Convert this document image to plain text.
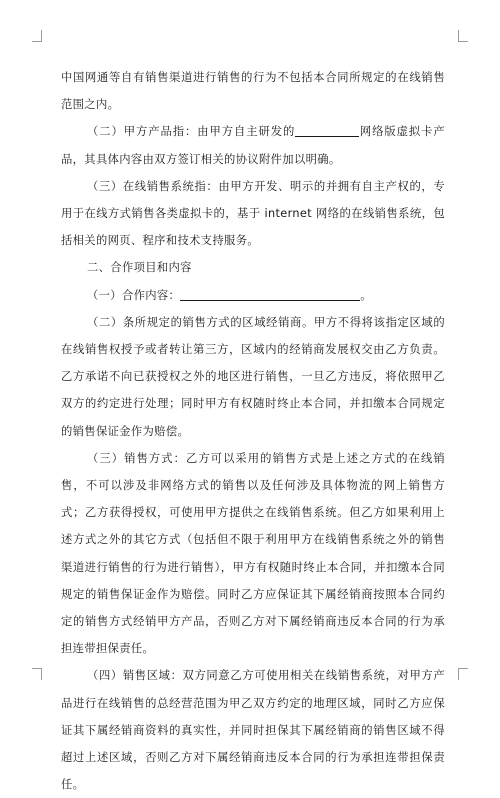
中国网通等自有销售渠道进行销售的行为不包括本合同所规定的在线销售范围之内。

（二）甲方产品指：由甲方自主研发的	网络版虚拟卡产品，其具体内容由双方签订相关的协议附件加以明确。

（三）在线销售系统指：由甲方开发、明示的并拥有自主产权的，专用于在线方式销售各类虚拟卡的，基于 internet 网络的在线销售系统，包括相关的网页、程序和技术支持服务。

二、合作项目和内容

（一）合作内容：	。

（二）条所规定的销售方式的区域经销商。甲方不得将该指定区域的在线销售权授予或者转让第三方，区域内的经销商发展权交由乙方负责。乙方承诺不向已获授权之外的地区进行销售，一旦乙方违反，将依照甲乙双方的约定进行处理；同时甲方有权随时终止本合同，并扣缴本合同规定的销售保证金作为赔偿。

（三）销售方式：乙方可以采用的销售方式是上述之方式的在线销售，不可以涉及非网络方式的销售以及任何涉及具体物流的网上销售方式；乙方获得授权，可使用甲方提供之在线销售系统。但乙方如果利用上述方式之外的其它方式（包括但不限于利用甲方在线销售系统之外的销售渠道进行销售的行为进行销售），甲方有权随时终止本合同，并扣缴本合同规定的销售保证金作为赔偿。同时乙方应保证其下属经销商按照本合同约定的销售方式经销甲方产品，否则乙方对下属经销商违反本合同的行为承担连带担保责任。

（四）销售区域：双方同意乙方可使用相关在线销售系统，对甲方产品进行在线销售的总经营范围为甲乙双方约定的地理区域，同时乙方应保证其下属经销商资料的真实性，并同时担保其下属经销商的销售区域不得超过上述区域，否则乙方对下属经销商违反本合同的行为承担连带担保责任。
